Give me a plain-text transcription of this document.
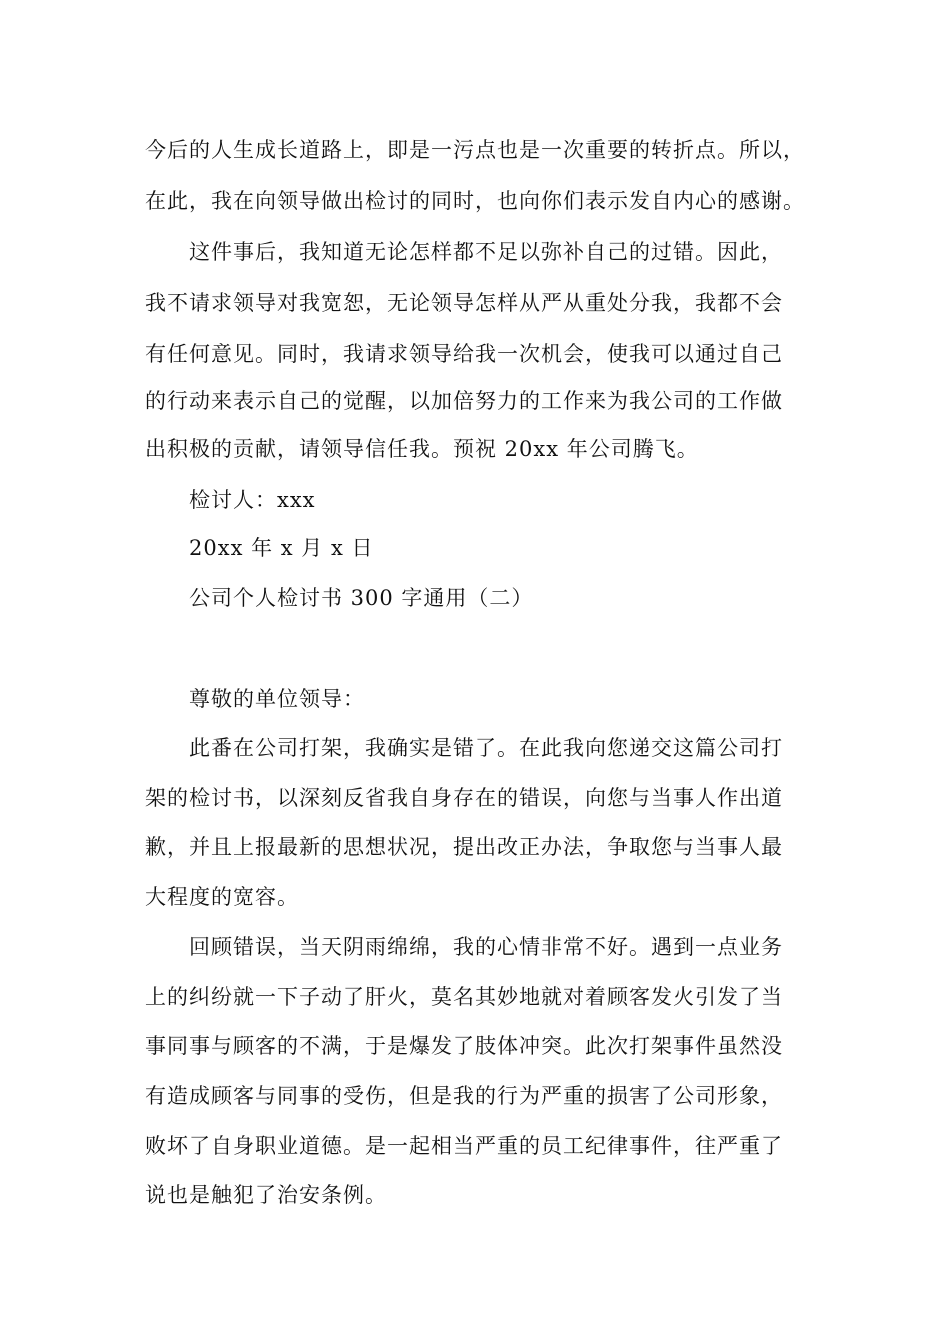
今后的人生成长道路上，即是一污点也是一次重要的转折点。所以，
在此，我在向领导做出检讨的同时，也向你们表示发自内心的感谢。
这件事后，我知道无论怎样都不足以弥补自己的过错。因此，
我不请求领导对我宽恕，无论领导怎样从严从重处分我，我都不会
有任何意见。同时，我请求领导给我一次机会，使我可以通过自己
的行动来表示自己的觉醒，以加倍努力的工作来为我公司的工作做
出积极的贡献，请领导信任我。预祝 20xx 年公司腾飞。
检讨人：xxx
20xx 年 x 月 x 日
公司个人检讨书 300 字通用（二）
尊敬的单位领导：
此番在公司打架，我确实是错了。在此我向您递交这篇公司打
架的检讨书，以深刻反省我自身存在的错误，向您与当事人作出道
歉，并且上报最新的思想状况，提出改正办法，争取您与当事人最
大程度的宽容。
回顾错误，当天阴雨绵绵，我的心情非常不好。遇到一点业务
上的纠纷就一下子动了肝火，莫名其妙地就对着顾客发火引发了当
事同事与顾客的不满，于是爆发了肢体冲突。此次打架事件虽然没
有造成顾客与同事的受伤，但是我的行为严重的损害了公司形象，
败坏了自身职业道德。是一起相当严重的员工纪律事件，往严重了
说也是触犯了治安条例。
